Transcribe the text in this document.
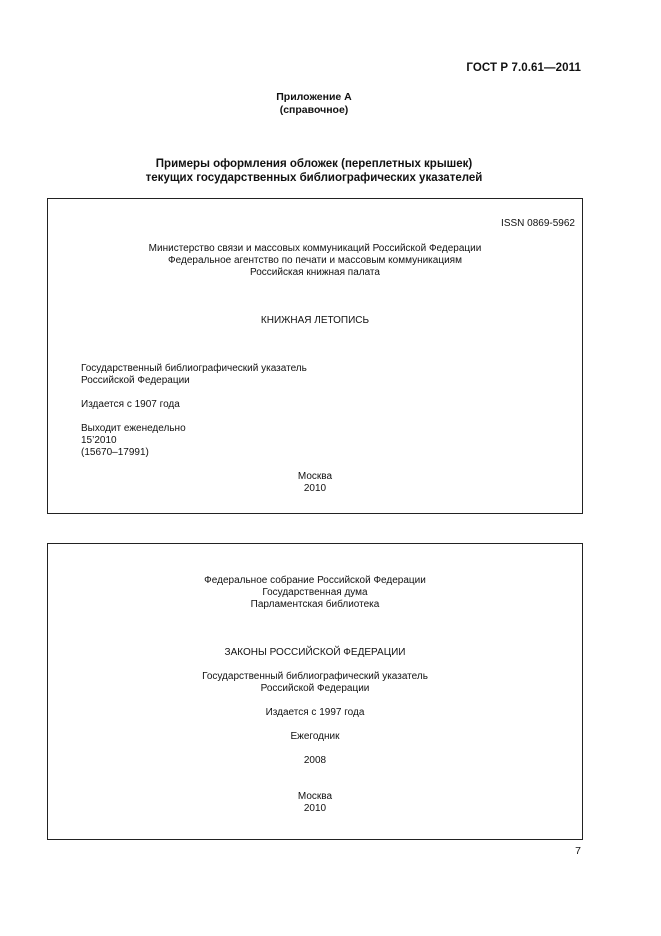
ГОСТ Р 7.0.61—2011
Приложение А
(справочное)
Примеры оформления обложек (переплетных крышек)
текущих государственных библиографических указателей
ISSN 0869-5962
Министерство связи и массовых коммуникаций Российской Федерации
Федеральное агентство по печати и массовым коммуникациям
Российская книжная палата
КНИЖНАЯ ЛЕТОПИСЬ
Государственный библиографический указатель
Российской Федерации
Издается с 1907 года
Выходит еженедельно
15’2010
(15670–17991)
Москва
2010
Федеральное собрание Российской Федерации
Государственная дума
Парламентская библиотека
ЗАКОНЫ РОССИЙСКОЙ ФЕДЕРАЦИИ
Государственный библиографический указатель
Российской Федерации
Издается с 1997 года
Ежегодник
2008
Москва
2010
7
